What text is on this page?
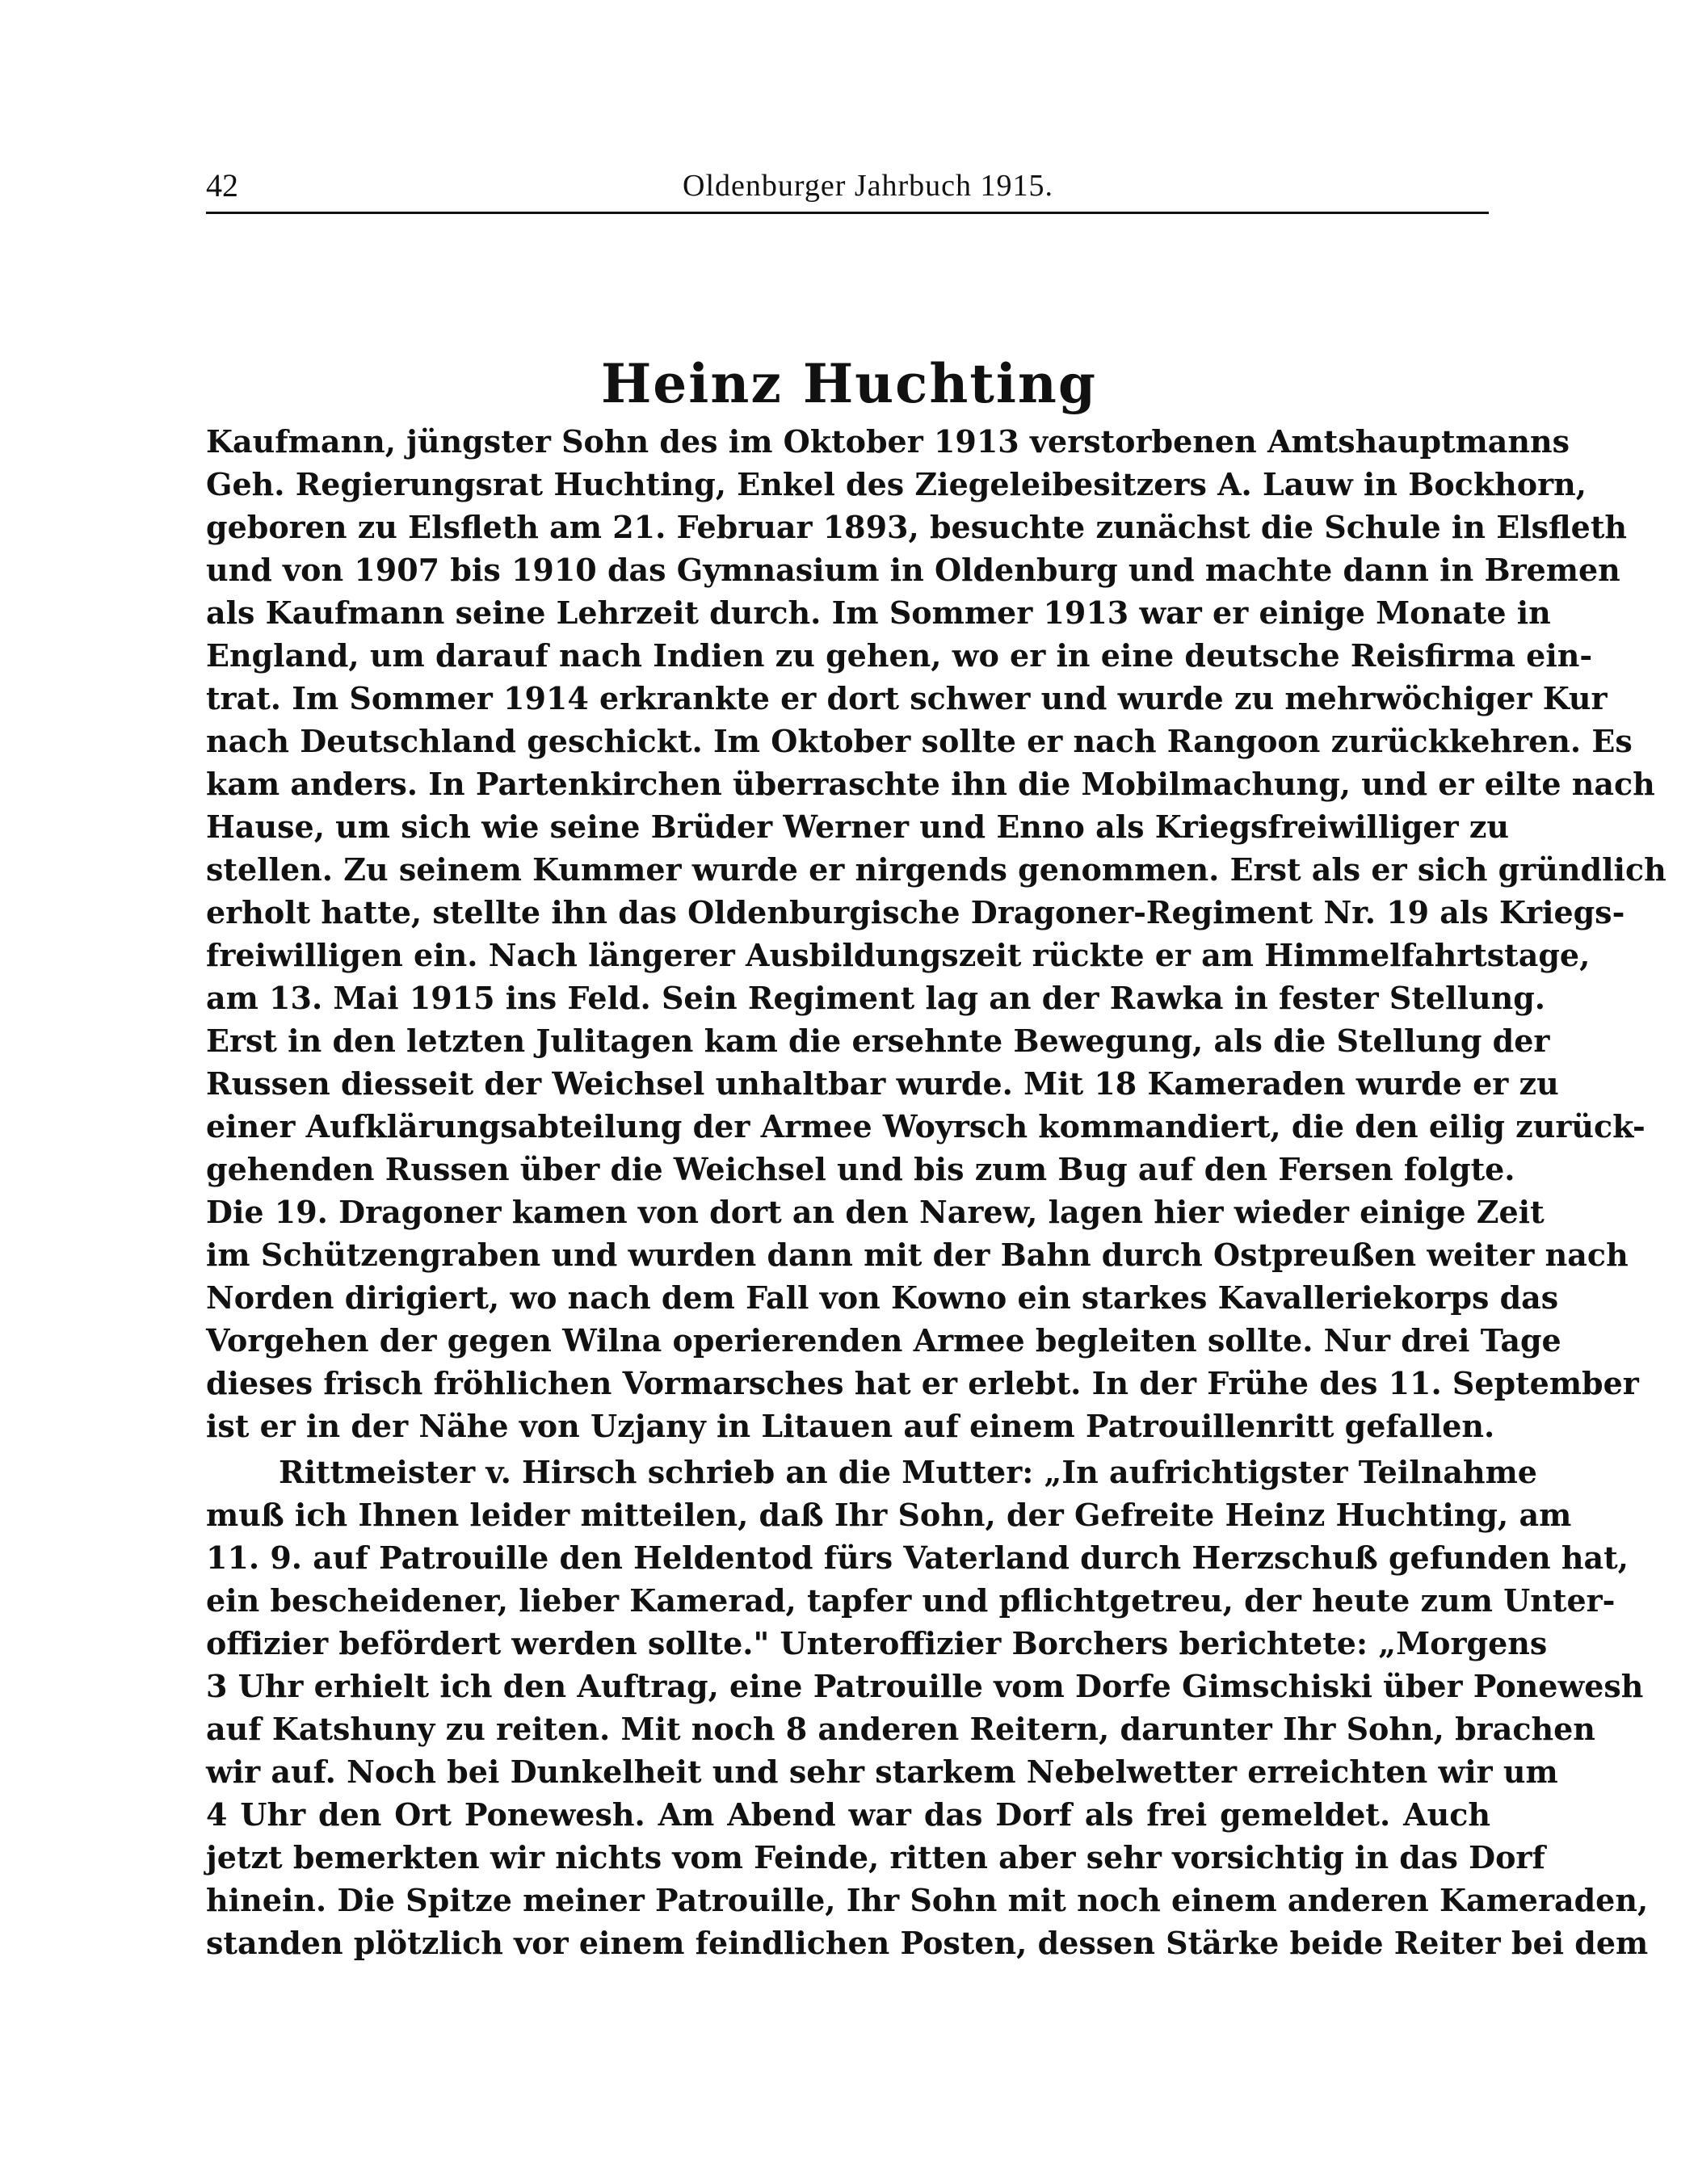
42	Oldenburger Jahrbuch 1915.
Heinz Huchting
Kaufmann, jüngster Sohn des im Oktober 1913 verstorbenen Amtshauptmanns
Geh. Regierungsrat Huchting, Enkel des Ziegeleibesitzers A. Lauw in Bockhorn,
geboren zu Elsfleth am 21. Februar 1893, besuchte zunächst die Schule in Elsfleth
und von 1907 bis 1910 das Gymnasium in Oldenburg und machte dann in Bremen
als Kaufmann seine Lehrzeit durch. Im Sommer 1913 war er einige Monate in
England, um darauf nach Indien zu gehen, wo er in eine deutsche Reisfirma ein-
trat. Im Sommer 1914 erkrankte er dort schwer und wurde zu mehrwöchiger Kur
nach Deutschland geschickt. Im Oktober sollte er nach Rangoon zurückkehren. Es
kam anders. In Partenkirchen überraschte ihn die Mobilmachung, und er eilte nach
Hause, um sich wie seine Brüder Werner und Enno als Kriegsfreiwilliger zu
stellen. Zu seinem Kummer wurde er nirgends genommen. Erst als er sich gründlich
erholt hatte, stellte ihn das Oldenburgische Dragoner-Regiment Nr. 19 als Kriegs-
freiwilligen ein. Nach längerer Ausbildungszeit rückte er am Himmelfahrtstage,
am 13. Mai 1915 ins Feld. Sein Regiment lag an der Rawka in fester Stellung.
Erst in den letzten Julitagen kam die ersehnte Bewegung, als die Stellung der
Russen diesseit der Weichsel unhaltbar wurde. Mit 18 Kameraden wurde er zu
einer Aufklärungsabteilung der Armee Woyrsch kommandiert, die den eilig zurück-
gehenden Russen über die Weichsel und bis zum Bug auf den Fersen folgte.
Die 19. Dragoner kamen von dort an den Narew, lagen hier wieder einige Zeit
im Schützengraben und wurden dann mit der Bahn durch Ostpreußen weiter nach
Norden dirigiert, wo nach dem Fall von Kowno ein starkes Kavalleriekorps das
Vorgehen der gegen Wilna operierenden Armee begleiten sollte. Nur drei Tage
dieses frisch fröhlichen Vormarsches hat er erlebt. In der Frühe des 11. September
ist er in der Nähe von Uzjany in Litauen auf einem Patrouillenritt gefallen.
Rittmeister v. Hirsch schrieb an die Mutter: „In aufrichtigster Teilnahme
muß ich Ihnen leider mitteilen, daß Ihr Sohn, der Gefreite Heinz Huchting, am
11. 9. auf Patrouille den Heldentod fürs Vaterland durch Herzschuß gefunden hat,
ein bescheidener, lieber Kamerad, tapfer und pflichtgetreu, der heute zum Unter-
offizier befördert werden sollte." Unteroffizier Borchers berichtete: „Morgens
3 Uhr erhielt ich den Auftrag, eine Patrouille vom Dorfe Gimschiski über Ponewesh
auf Katshuny zu reiten. Mit noch 8 anderen Reitern, darunter Ihr Sohn, brachen
wir auf. Noch bei Dunkelheit und sehr starkem Nebelwetter erreichten wir um
4 Uhr den Ort Ponewesh. Am Abend war das Dorf als frei gemeldet. Auch
jetzt bemerkten wir nichts vom Feinde, ritten aber sehr vorsichtig in das Dorf
hinein. Die Spitze meiner Patrouille, Ihr Sohn mit noch einem anderen Kameraden,
standen plötzlich vor einem feindlichen Posten, dessen Stärke beide Reiter bei dem
